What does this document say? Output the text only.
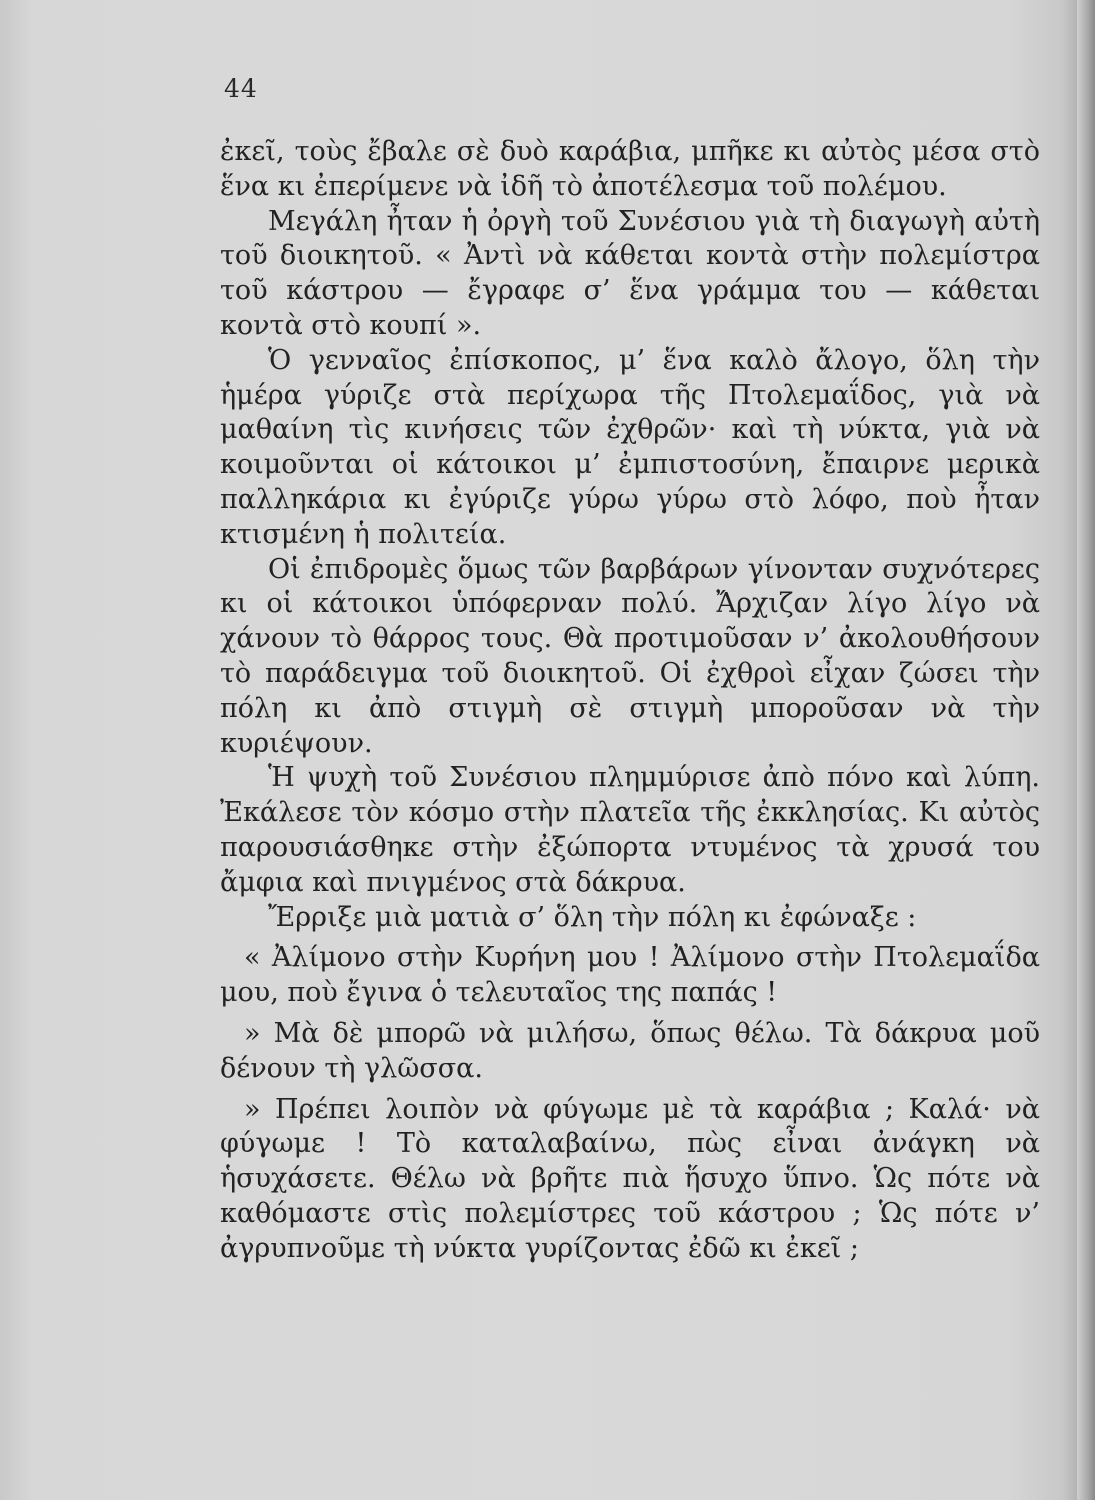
44

ἐκεῖ, τοὺς ἔβαλε σὲ δυὸ καράβια, μπῆκε κι αὐτὸς μέσα στὸ ἕνα κι ἐπερίμενε νὰ ἰδῆ τὸ ἀποτέλεσμα τοῦ πολέμου.

Μεγάλη ἦταν ἡ ὀργὴ τοῦ Συνέσιου γιὰ τὴ διαγωγὴ αὐτὴ τοῦ διοικητοῦ. « Ἀντὶ νὰ κάθεται κοντὰ στὴν πολεμίστρα τοῦ κάστρου — ἔγραφε σ’ ἕνα γράμμα του — κάθεται κοντὰ στὸ κουπί ».

Ὁ γενναῖος ἐπίσκοπος, μ’ ἕνα καλὸ ἄλογο, ὅλη τὴν ἡμέρα γύριζε στὰ περίχωρα τῆς Πτολεμαΐδος, γιὰ νὰ μαθαίνη τὶς κινήσεις τῶν ἐχθρῶν· καὶ τὴ νύκτα, γιὰ νὰ κοιμοῦνται οἱ κάτοικοι μ’ ἐμπιστοσύνη, ἔπαιρνε μερικὰ παλληκάρια κι ἐγύριζε γύρω γύρω στὸ λόφο, ποὺ ἦταν κτισμένη ἡ πολιτεία.

Οἱ ἐπιδρομὲς ὅμως τῶν βαρβάρων γίνονταν συχνότερες κι οἱ κάτοικοι ὑπόφερναν πολύ. Ἄρχιζαν λίγο λίγο νὰ χάνουν τὸ θάρρος τους. Θὰ προτιμοῦσαν ν’ ἀκολουθήσουν τὸ παράδειγμα τοῦ διοικητοῦ. Οἱ ἐχθροὶ εἶχαν ζώσει τὴν πόλη κι ἀπὸ στιγμὴ σὲ στιγμὴ μποροῦσαν νὰ τὴν κυριέψουν.

Ἡ ψυχὴ τοῦ Συνέσιου πλημμύρισε ἀπὸ πόνο καὶ λύπη. Ἐκάλεσε τὸν κόσμο στὴν πλατεῖα τῆς ἐκκλησίας. Κι αὐτὸς παρουσιάσθηκε στὴν ἐξώπορτα ντυμένος τὰ χρυσά του ἄμφια καὶ πνιγμένος στὰ δάκρυα.

Ἔρριξε μιὰ ματιὰ σ’ ὅλη τὴν πόλη κι ἐφώναξε :

« Ἀλίμονο στὴν Κυρήνη μου ! Ἀλίμονο στὴν Πτολεμαΐδα μου, ποὺ ἔγινα ὁ τελευταῖος της παπάς !

» Μὰ δὲ μπορῶ νὰ μιλήσω, ὅπως θέλω. Τὰ δάκρυα μοῦ δένουν τὴ γλῶσσα.

» Πρέπει λοιπὸν νὰ φύγωμε μὲ τὰ καράβια ; Καλά· νὰ φύγωμε ! Τὸ καταλαβαίνω, πὼς εἶναι ἀνάγκη νὰ ἡσυχάσετε. Θέλω νὰ βρῆτε πιὰ ἥσυχο ὕπνο. Ὡς πότε νὰ καθόμαστε στὶς πολεμίστρες τοῦ κάστρου ; Ὡς πότε ν’ ἀγρυπνοῦμε τὴ νύκτα γυρίζοντας ἐδῶ κι ἐκεῖ ;
